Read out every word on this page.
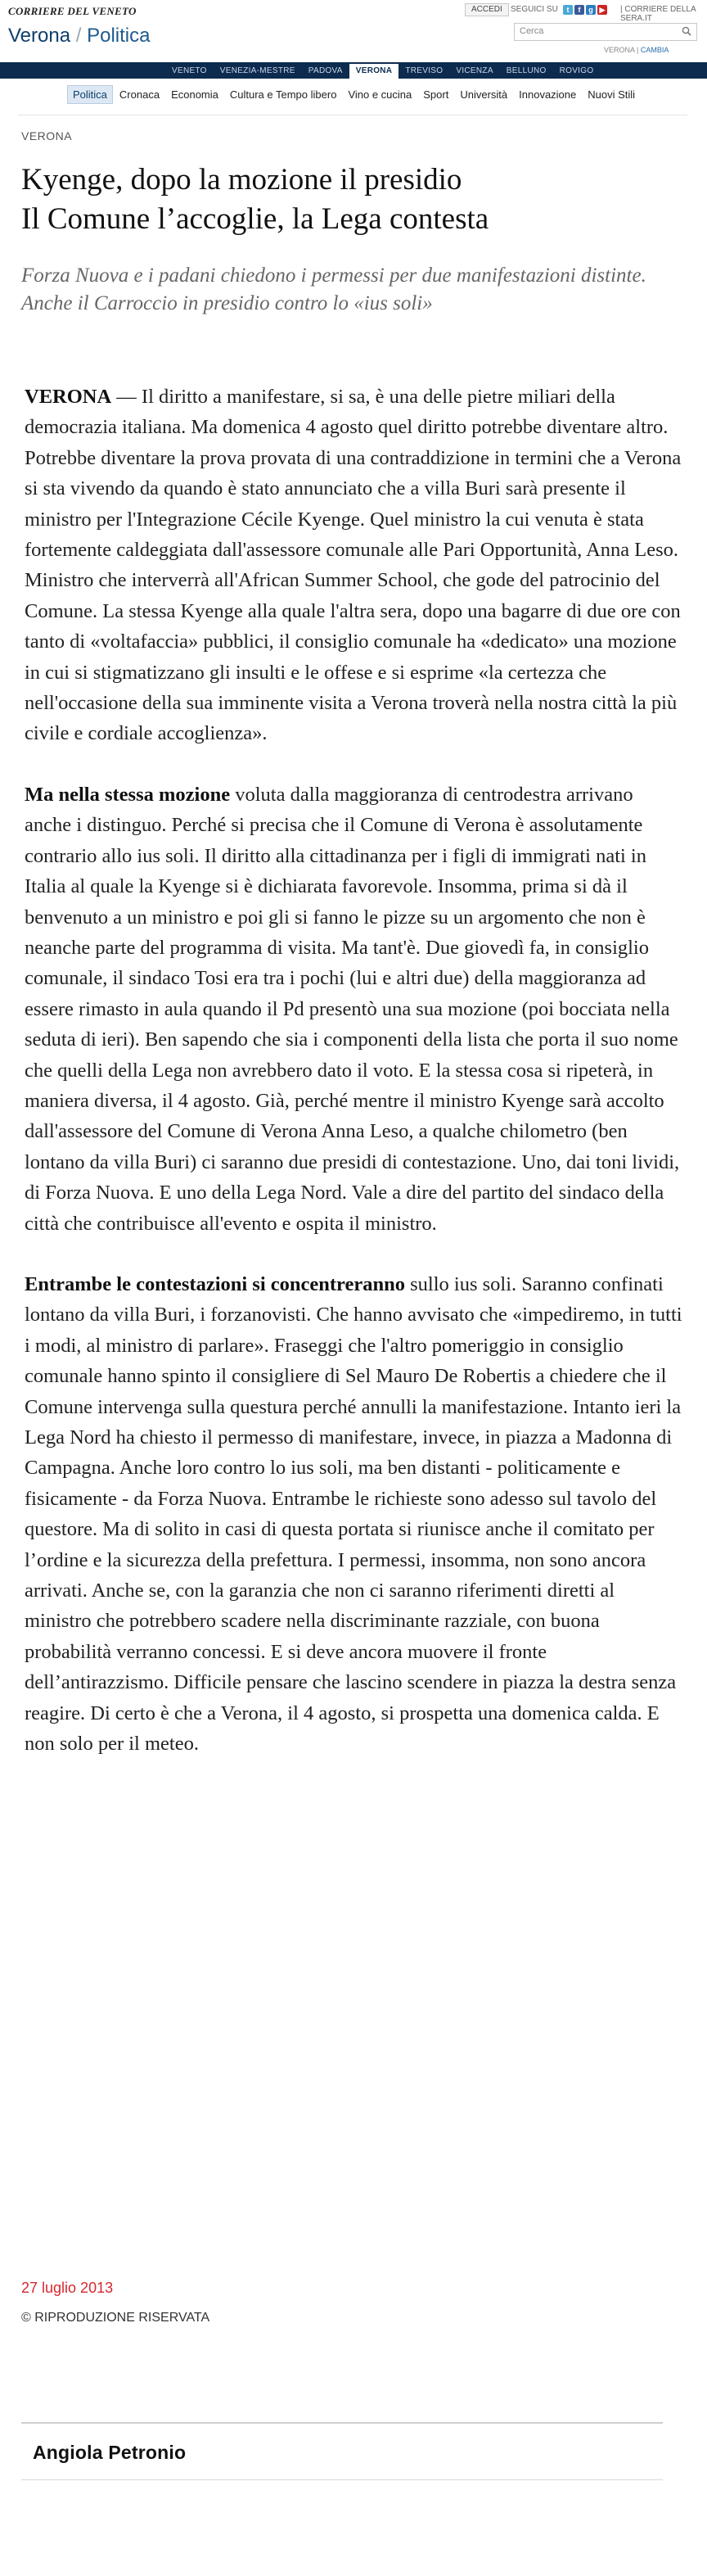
CORRIERE DEL VENETO
Verona / Politica
ACCEDI	SEGUICI SU	t f g ▶	| CORRIERE DELLA SERA.IT
Cerca
VERONA | CAMBIA
VENETO VENEZIA-MESTRE PADOVA VERONA TREVISO VICENZA BELLUNO ROVIGO
Politica Cronaca Economia Cultura e Tempo libero Vino e cucina Sport Università Innovazione Nuovi Stili
VERONA
Kyenge, dopo la mozione il presidio
Il Comune l’accoglie, la Lega contesta
Forza Nuova e i padani chiedono i permessi per due manifestazioni distinte. Anche il Carroccio in presidio contro lo «ius soli»

VERONA — Il diritto a manifestare, si sa, è una delle pietre miliari della democrazia italiana. Ma domenica 4 agosto quel diritto potrebbe diventare altro. Potrebbe diventare la prova provata di una contraddizione in termini che a Verona si sta vivendo da quando è stato annunciato che a villa Buri sarà presente il ministro per l'Integrazione Cécile Kyenge. Quel ministro la cui venuta è stata fortemente caldeggiata dall'assessore comunale alle Pari Opportunità, Anna Leso. Ministro che interverrà all'African Summer School, che gode del patrocinio del Comune. La stessa Kyenge alla quale l'altra sera, dopo una bagarre di due ore con tanto di «voltafaccia» pubblici, il consiglio comunale ha «dedicato» una mozione in cui si stigmatizzano gli insulti e le offese e si esprime «la certezza che nell'occasione della sua imminente visita a Verona troverà nella nostra città la più civile e cordiale accoglienza».

Ma nella stessa mozione voluta dalla maggioranza di centrodestra arrivano anche i distinguo. Perché si precisa che il Comune di Verona è assolutamente contrario allo ius soli. Il diritto alla cittadinanza per i figli di immigrati nati in Italia al quale la Kyenge si è dichiarata favorevole. Insomma, prima si dà il benvenuto a un ministro e poi gli si fanno le pizze su un argomento che non è neanche parte del programma di visita. Ma tant'è. Due giovedì fa, in consiglio comunale, il sindaco Tosi era tra i pochi (lui e altri due) della maggioranza ad essere rimasto in aula quando il Pd presentò una sua mozione (poi bocciata nella seduta di ieri). Ben sapendo che sia i componenti della lista che porta il suo nome che quelli della Lega non avrebbero dato il voto. E la stessa cosa si ripeterà, in maniera diversa, il 4 agosto. Già, perché mentre il ministro Kyenge sarà accolto dall'assessore del Comune di Verona Anna Leso, a qualche chilometro (ben lontano da villa Buri) ci saranno due presidi di contestazione. Uno, dai toni lividi, di Forza Nuova. E uno della Lega Nord. Vale a dire del partito del sindaco della città che contribuisce all'evento e ospita il ministro.

Entrambe le contestazioni si concentreranno sullo ius soli. Saranno confinati lontano da villa Buri, i forzanovisti. Che hanno avvisato che «impediremo, in tutti i modi, al ministro di parlare». Fraseggi che l'altro pomeriggio in consiglio comunale hanno spinto il consigliere di Sel Mauro De Robertis a chiedere che il Comune intervenga sulla questura perché annulli la manifestazione. Intanto ieri la Lega Nord ha chiesto il permesso di manifestare, invece, in piazza a Madonna di Campagna. Anche loro contro lo ius soli, ma ben distanti - politicamente e fisicamente - da Forza Nuova. Entrambe le richieste sono adesso sul tavolo del questore. Ma di solito in casi di questa portata si riunisce anche il comitato per l’ordine e la sicurezza della prefettura. I permessi, insomma, non sono ancora arrivati. Anche se, con la garanzia che non ci saranno riferimenti diretti al ministro che potrebbero scadere nella discriminante razziale, con buona probabilità verranno concessi. E si deve ancora muovere il fronte dell’antirazzismo. Difficile pensare che lascino scendere in piazza la destra senza reagire. Di certo è che a Verona, il 4 agosto, si prospetta una domenica calda. E non solo per il meteo.

27 luglio 2013
© RIPRODUZIONE RISERVATA
Angiola Petronio
